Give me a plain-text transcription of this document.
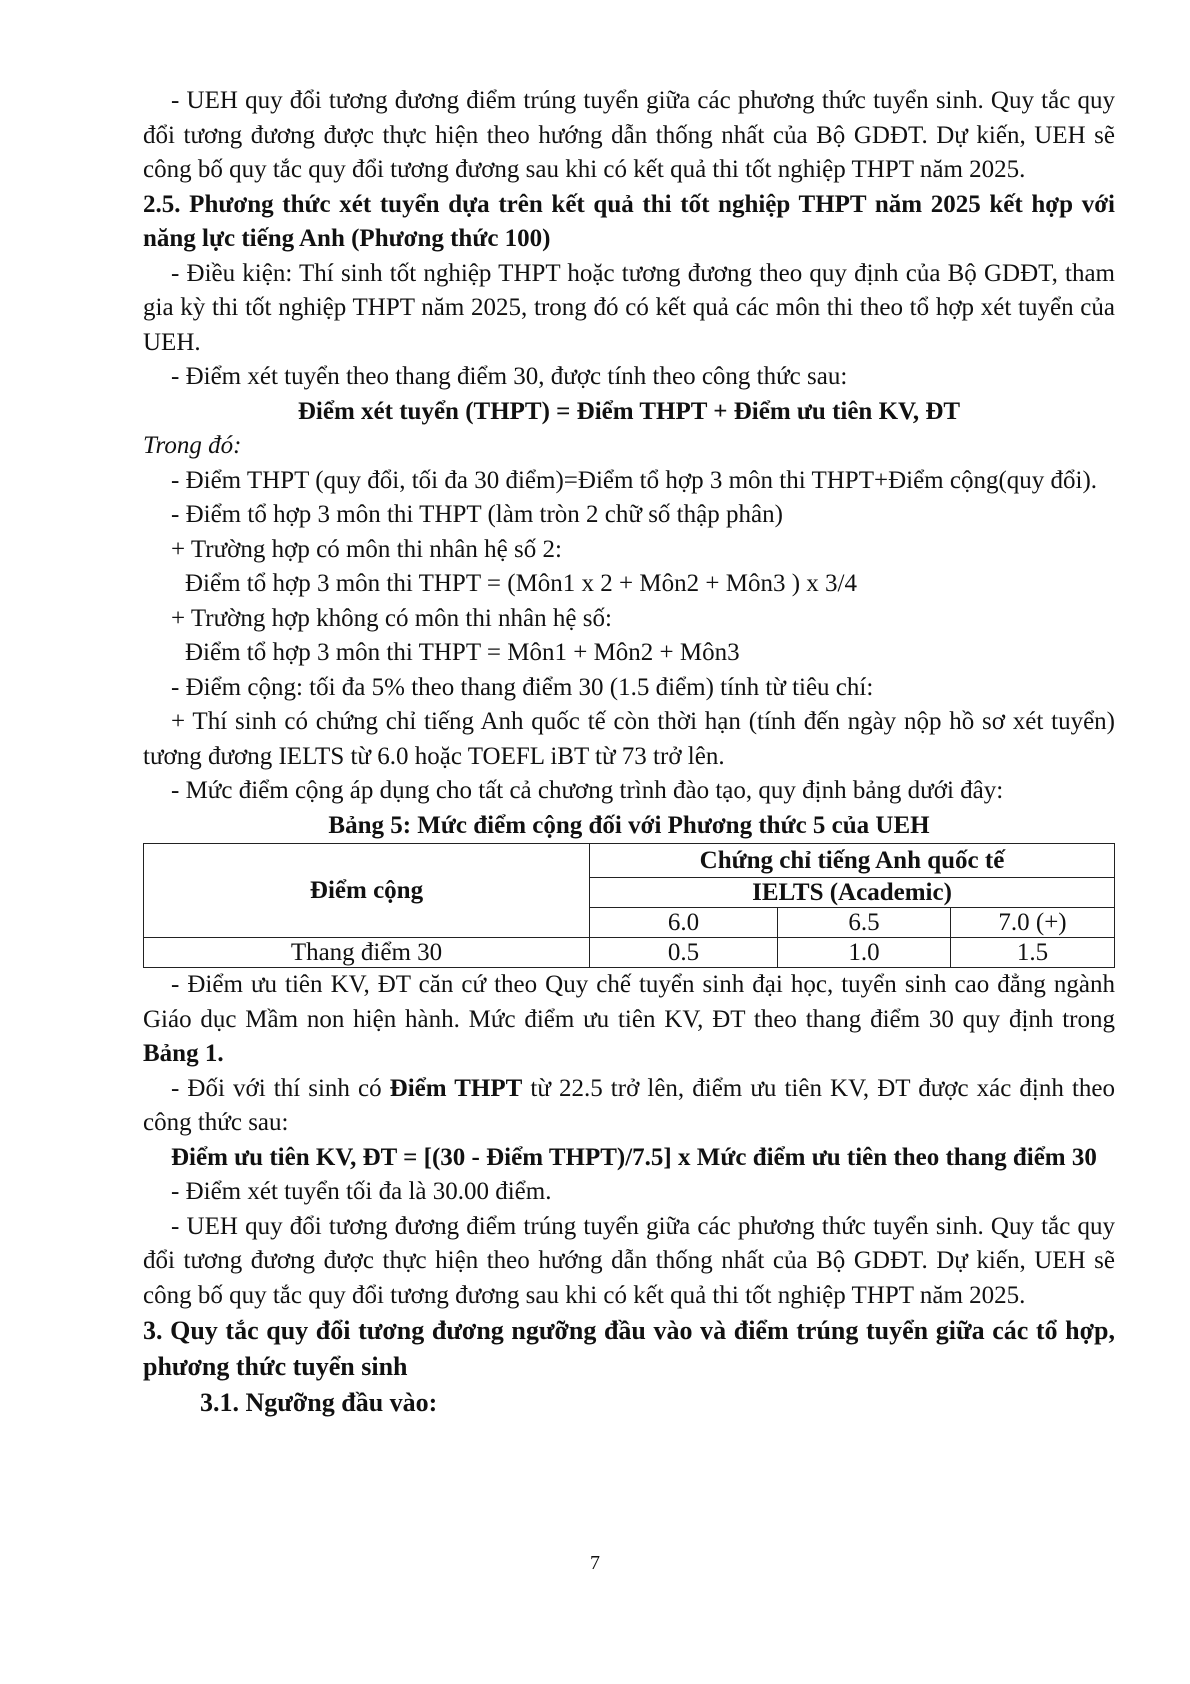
- UEH quy đổi tương đương điểm trúng tuyển giữa các phương thức tuyển sinh. Quy tắc quy đổi tương đương được thực hiện theo hướng dẫn thống nhất của Bộ GDĐT. Dự kiến, UEH sẽ công bố quy tắc quy đổi tương đương sau khi có kết quả thi tốt nghiệp THPT năm 2025.

2.5. Phương thức xét tuyển dựa trên kết quả thi tốt nghiệp THPT năm 2025 kết hợp với năng lực tiếng Anh (Phương thức 100)

- Điều kiện: Thí sinh tốt nghiệp THPT hoặc tương đương theo quy định của Bộ GDĐT, tham gia kỳ thi tốt nghiệp THPT năm 2025, trong đó có kết quả các môn thi theo tổ hợp xét tuyển của UEH.

- Điểm xét tuyển theo thang điểm 30, được tính theo công thức sau:

Điểm xét tuyển (THPT) = Điểm THPT + Điểm ưu tiên KV, ĐT

Trong đó:

- Điểm THPT (quy đổi, tối đa 30 điểm)=Điểm tổ hợp 3 môn thi THPT+Điểm cộng(quy đổi).

- Điểm tổ hợp 3 môn thi THPT (làm tròn 2 chữ số thập phân)

+ Trường hợp có môn thi nhân hệ số 2:

Điểm tổ hợp 3 môn thi THPT = (Môn1 x 2 + Môn2 + Môn3 ) x 3/4

+ Trường hợp không có môn thi nhân hệ số:

Điểm tổ hợp 3 môn thi THPT = Môn1 + Môn2 + Môn3

- Điểm cộng: tối đa 5% theo thang điểm 30 (1.5 điểm) tính từ tiêu chí:

+ Thí sinh có chứng chỉ tiếng Anh quốc tế còn thời hạn (tính đến ngày nộp hồ sơ xét tuyển) tương đương IELTS từ 6.0 hoặc TOEFL iBT từ 73 trở lên.

- Mức điểm cộng áp dụng cho tất cả chương trình đào tạo, quy định bảng dưới đây:

Bảng 5: Mức điểm cộng đối với Phương thức 5 của UEH

Điểm cộng	Chứng chỉ tiếng Anh quốc tế		
	IELTS (Academic)		
	6.0	6.5	7.0 (+)
Thang điểm 30	0.5	1.0	1.5

- Điểm ưu tiên KV, ĐT căn cứ theo Quy chế tuyển sinh đại học, tuyển sinh cao đẳng ngành Giáo dục Mầm non hiện hành. Mức điểm ưu tiên KV, ĐT theo thang điểm 30 quy định trong Bảng 1.

- Đối với thí sinh có Điểm THPT từ 22.5 trở lên, điểm ưu tiên KV, ĐT được xác định theo công thức sau:

Điểm ưu tiên KV, ĐT = [(30 - Điểm THPT)/7.5] x Mức điểm ưu tiên theo thang điểm 30

- Điểm xét tuyển tối đa là 30.00 điểm.

- UEH quy đổi tương đương điểm trúng tuyển giữa các phương thức tuyển sinh. Quy tắc quy đổi tương đương được thực hiện theo hướng dẫn thống nhất của Bộ GDĐT. Dự kiến, UEH sẽ công bố quy tắc quy đổi tương đương sau khi có kết quả thi tốt nghiệp THPT năm 2025.

3. Quy tắc quy đổi tương đương ngưỡng đầu vào và điểm trúng tuyển giữa các tổ hợp, phương thức tuyển sinh

3.1. Ngưỡng đầu vào:

7
